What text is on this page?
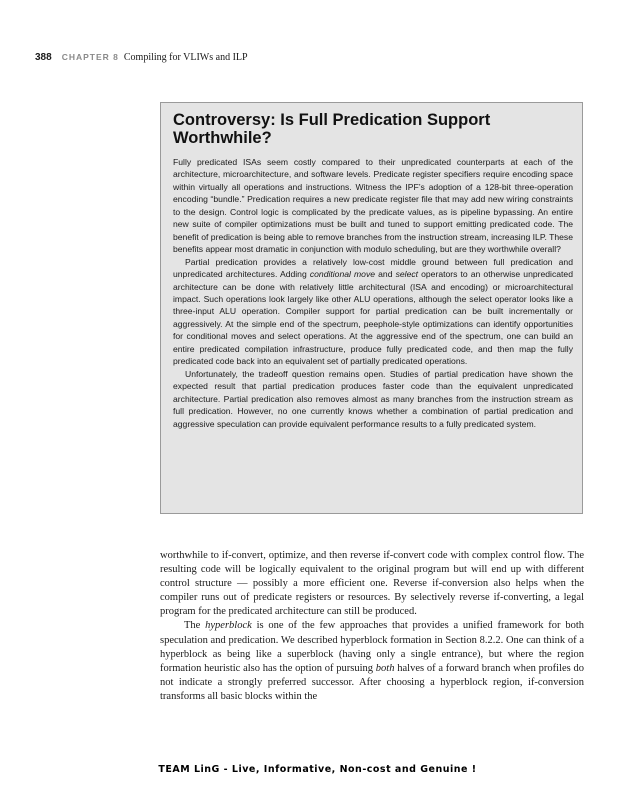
388 CHAPTER 8 Compiling for VLIWs and ILP
Controversy: Is Full Predication Support Worthwhile?

Fully predicated ISAs seem costly compared to their unpredicated counterparts at each of the architecture, microarchitecture, and software levels. Predicate register specifiers require encoding space within virtually all operations and instructions. Witness the IPF’s adoption of a 128-bit three-operation encoding “bundle.” Predication requires a new predicate register file that may add new wiring constraints to the design. Control logic is complicated by the predicate values, as is pipeline bypassing. An entire new suite of compiler optimizations must be built and tuned to support emitting predicated code. The benefit of predication is being able to remove branches from the instruction stream, increasing ILP. These benefits appear most dramatic in conjunction with modulo scheduling, but are they worthwhile overall?

Partial predication provides a relatively low-cost middle ground between full predication and unpredicated architectures. Adding conditional move and select operators to an otherwise unpredicated architecture can be done with relatively little architectural (ISA and encoding) or microarchitectural impact. Such operations look largely like other ALU operations, although the select operator looks like a three-input ALU operation. Compiler support for partial predication can be built incrementally or aggressively. At the simple end of the spectrum, peephole-style optimizations can identify opportunities for conditional moves and select operations. At the aggressive end of the spectrum, one can build an entire predicated compilation infrastructure, produce fully predicated code, and then map the fully predicated code back into an equivalent set of partially predicated operations.

Unfortunately, the tradeoff question remains open. Studies of partial predication have shown the expected result that partial predication produces faster code than the equivalent unpredicated architecture. Partial predication also removes almost as many branches from the instruction stream as full predication. However, no one currently knows whether a combination of partial predication and aggressive speculation can provide equivalent performance results to a fully predicated system.

worthwhile to if-convert, optimize, and then reverse if-convert code with complex control flow. The resulting code will be logically equivalent to the original program but will end up with different control structure — possibly a more efficient one. Reverse if-conversion also helps when the compiler runs out of predicate registers or resources. By selectively reverse if-converting, a legal program for the predicated architecture can still be produced.

The hyperblock is one of the few approaches that provides a unified framework for both speculation and predication. We described hyperblock formation in Section 8.2.2. One can think of a hyperblock as being like a superblock (having only a single entrance), but where the region formation heuristic also has the option of pursuing both halves of a forward branch when profiles do not indicate a strongly preferred successor. After choosing a hyperblock region, if-conversion transforms all basic blocks within the

TEAM LinG - Live, Informative, Non-cost and Genuine !
